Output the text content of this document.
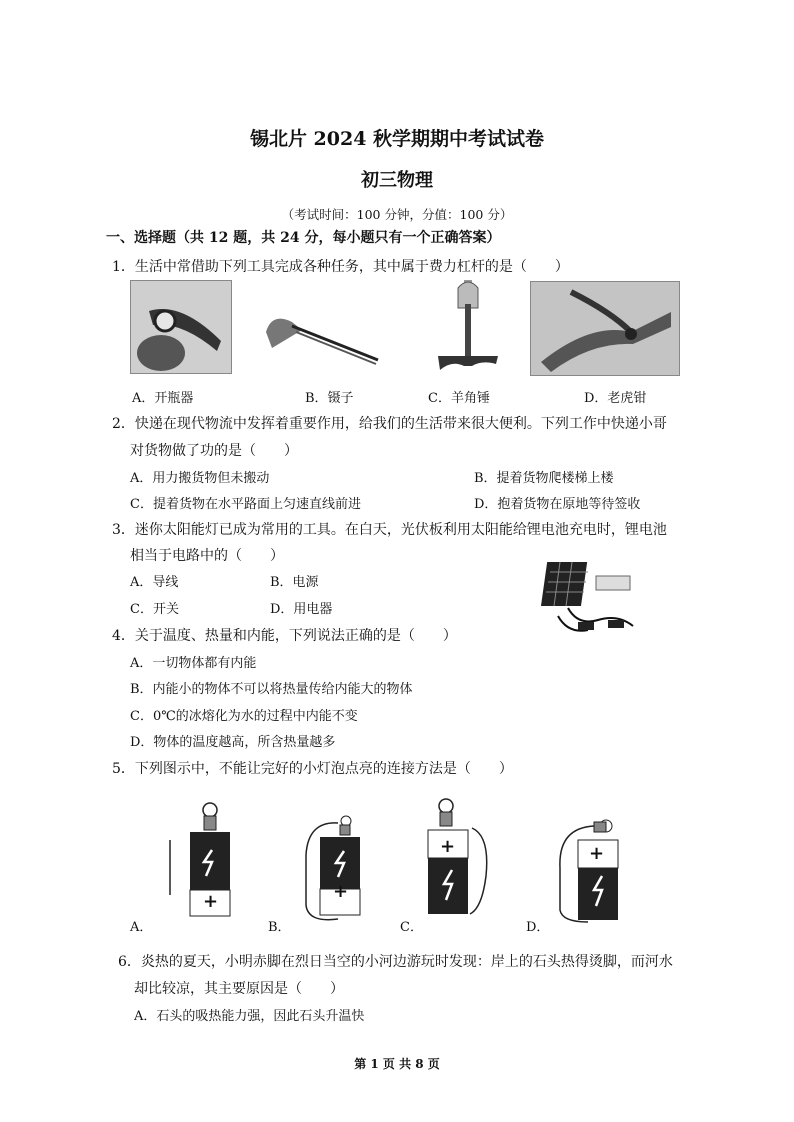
锡北片 2024 秋学期期中考试试卷
初三物理
（考试时间：100 分钟，分值：100 分）
一、选择题（共 12 题，共 24 分，每小题只有一个正确答案）
1．生活中常借助下列工具完成各种任务，其中属于费力杠杆的是（　　）
A．开瓶器	B．镊子	C．羊角锤	D．老虎钳
2．快递在现代物流中发挥着重要作用，给我们的生活带来很大便利。下列工作中快递小哥
对货物做了功的是（　　）
A．用力搬货物但未搬动	B．提着货物爬楼梯上楼
C．提着货物在水平路面上匀速直线前进	D．抱着货物在原地等待签收
3．迷你太阳能灯已成为常用的工具。在白天，光伏板利用太阳能给锂电池充电时，锂电池
相当于电路中的（　　）
A．导线	B．电源
C．开关	D．用电器
4．关于温度、热量和内能，下列说法正确的是（　　）
A．一切物体都有内能
B．内能小的物体不可以将热量传给内能大的物体
C．0℃的冰熔化为水的过程中内能不变
D．物体的温度越高，所含热量越多
5．下列图示中，不能让完好的小灯泡点亮的连接方法是（　　）
+	+
+	+
A．	B．	C．	D．
6．炎热的夏天，小明赤脚在烈日当空的小河边游玩时发现：岸上的石头热得烫脚，而河水
却比较凉，其主要原因是（　　）
A．石头的吸热能力强，因此石头升温快
第 1 页 共 8 页
